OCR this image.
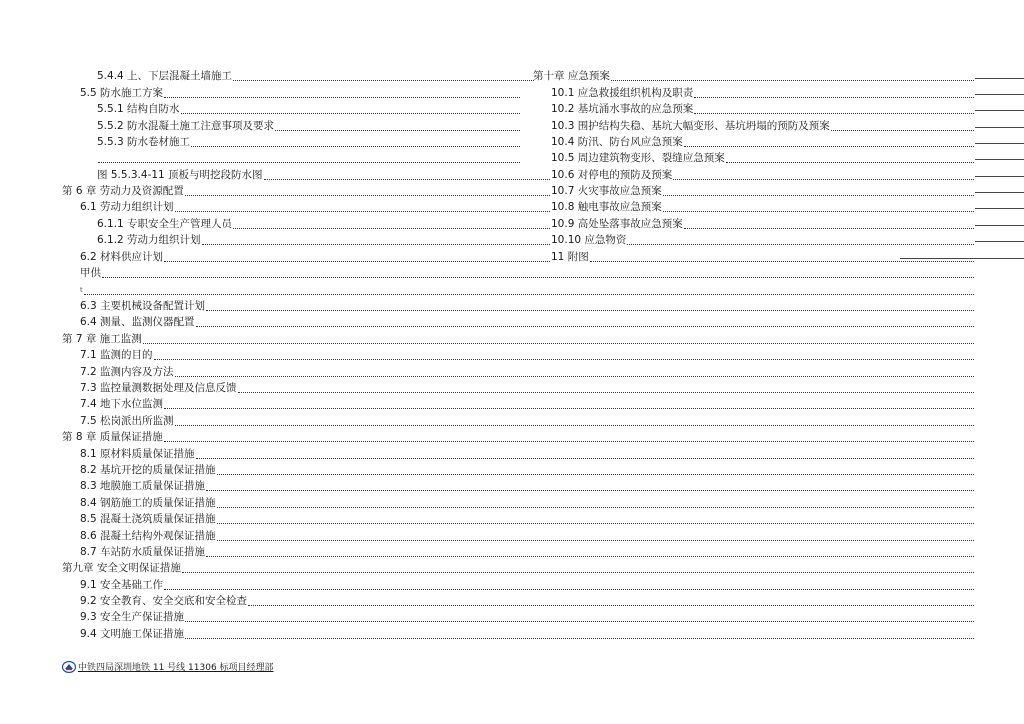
5.4.4 上、下层混凝土墙施工
5.5 防水施工方案
5.5.1 结构自防水
5.5.2 防水混凝土施工注意事项及要求
5.5.3 防水卷材施工
图 5.5.3.4-11 顶板与明挖段防水图
第 6 章 劳动力及资源配置
6.1 劳动力组织计划
6.1.1 专职安全生产管理人员
6.1.2 劳动力组织计划
6.2 材料供应计划
甲供
t
6.3 主要机械设备配置计划
6.4 测量、监测仪器配置
第 7 章 施工监测
7.1 监测的目的
7.2 监测内容及方法
7.3 监控量测数据处理及信息反馈
7.4 地下水位监测
7.5 松岗派出所监测
第 8 章 质量保证措施
8.1 原材料质量保证措施
8.2 基坑开挖的质量保证措施
8.3 地膜施工质量保证措施
8.4 钢筋施工的质量保证措施
8.5 混凝土浇筑质量保证措施
8.6 混凝土结构外观保证措施
8.7 车站防水质量保证措施
第九章 安全文明保证措施
9.1 安全基础工作
9.2 安全教育、安全交底和安全检查
9.3 安全生产保证措施
9.4 文明施工保证措施
第十章 应急预案
10.1 应急救援组织机构及职责
10.2 基坑涌水事故的应急预案
10.3 围护结构失稳、基坑大幅变形、基坑坍塌的预防及预案
10.4 防汛、防台风应急预案
10.5 周边建筑物变形、裂缝应急预案
10.6 对停电的预防及预案
10.7 火灾事故应急预案
10.8 触电事故应急预案
10.9 高处坠落事故应急预案
10.10 应急物资
11 附图
中铁四局深圳地铁 11 号线 11306 标项目经理部
